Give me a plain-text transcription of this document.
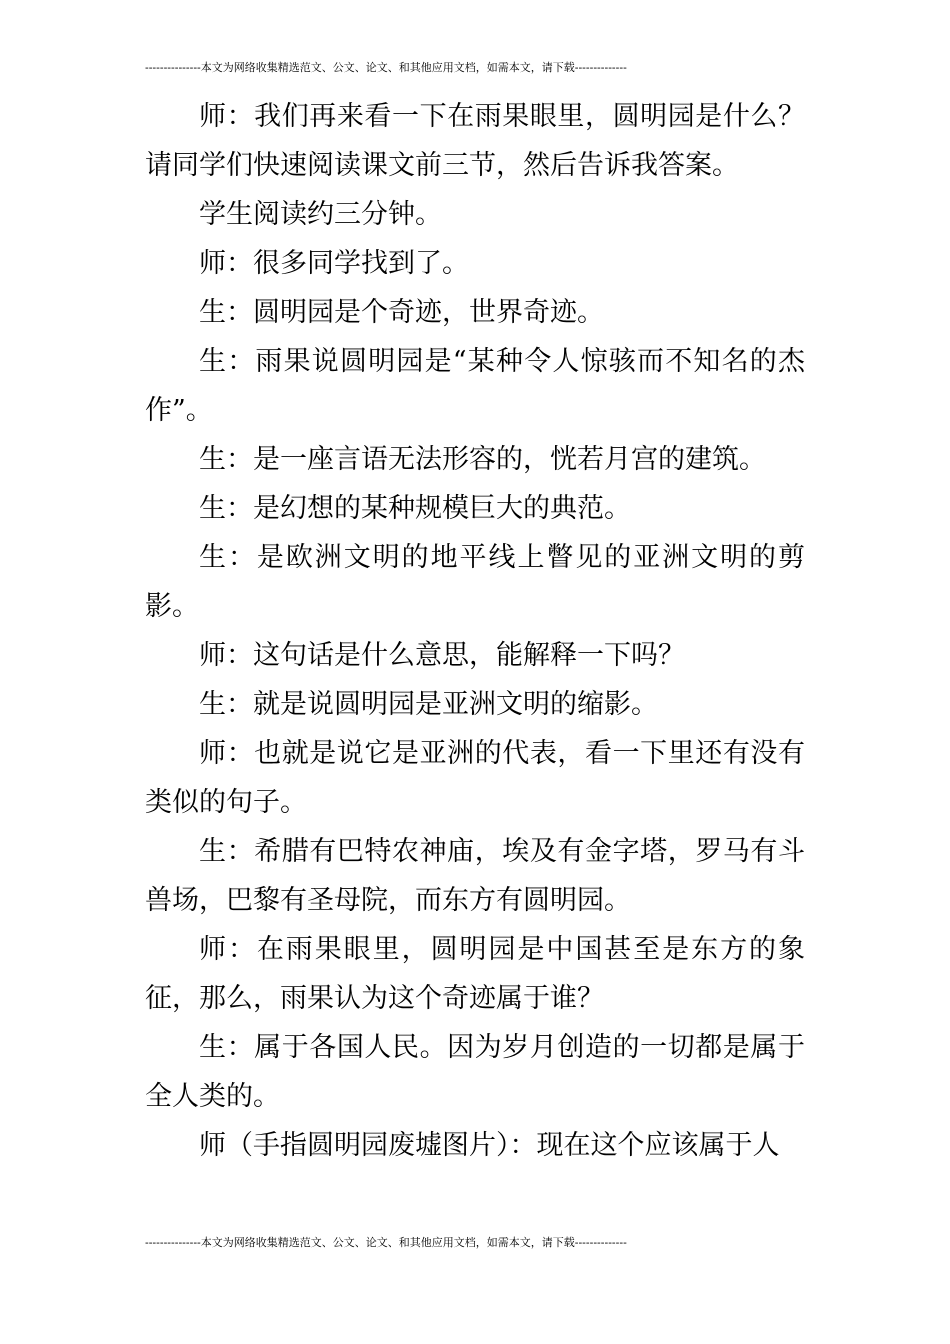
---------------本文为网络收集精选范文、公文、论文、和其他应用文档，如需本文，请下载--------------

师：我们再来看一下在雨果眼里，圆明园是什么？请同学们快速阅读课文前三节，然后告诉我答案。

学生阅读约三分钟。

师：很多同学找到了。

生：圆明园是个奇迹，世界奇迹。

生：雨果说圆明园是“某种令人惊骇而不知名的杰作”。

生：是一座言语无法形容的，恍若月宫的建筑。

生：是幻想的某种规模巨大的典范。

生：是欧洲文明的地平线上瞥见的亚洲文明的剪影。

师：这句话是什么意思，能解释一下吗？

生：就是说圆明园是亚洲文明的缩影。

师：也就是说它是亚洲的代表，看一下里还有没有类似的句子。

生：希腊有巴特农神庙，埃及有金字塔，罗马有斗兽场，巴黎有圣母院，而东方有圆明园。

师：在雨果眼里，圆明园是中国甚至是东方的象征，那么，雨果认为这个奇迹属于谁？

生：属于各国人民。因为岁月创造的一切都是属于全人类的。

师（手指圆明园废墟图片）：现在这个应该属于人

---------------本文为网络收集精选范文、公文、论文、和其他应用文档，如需本文，请下载--------------
